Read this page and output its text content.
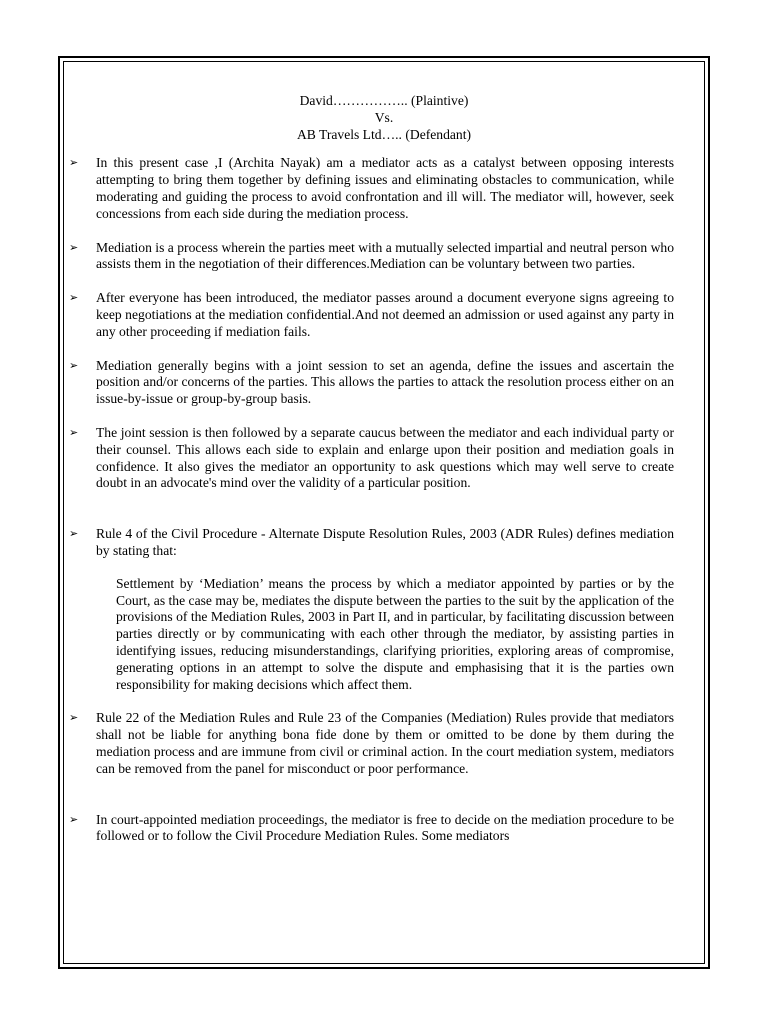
David…………….. (Plaintive)
Vs.
AB Travels Ltd….. (Defendant)

➢ In this present case ,I (Archita Nayak) am a mediator acts as a catalyst between opposing interests attempting to bring them together by defining issues and eliminating obstacles to communication, while moderating and guiding the process to avoid confrontation and ill will. The mediator will, however, seek concessions from each side during the mediation process.

➢ Mediation is a process wherein the parties meet with a mutually selected impartial and neutral person who assists them in the negotiation of their differences.Mediation can be voluntary between two parties.

➢ After everyone has been introduced, the mediator passes around a document everyone signs agreeing to keep negotiations at the mediation confidential.And not deemed an admission or used against any party in any other proceeding if mediation fails.

➢ Mediation generally begins with a joint session to set an agenda, define the issues and ascertain the position and/or concerns of the parties. This allows the parties to attack the resolution process either on an issue-by-issue or group-by-group basis.

➢ The joint session is then followed by a separate caucus between the mediator and each individual party or their counsel. This allows each side to explain and enlarge upon their position and mediation goals in confidence. It also gives the mediator an opportunity to ask questions which may well serve to create doubt in an advocate's mind over the validity of a particular position.

➢ Rule 4 of the Civil Procedure - Alternate Dispute Resolution Rules, 2003 (ADR Rules) defines mediation by stating that:

Settlement by ‘Mediation’ means the process by which a mediator appointed by parties or by the Court, as the case may be, mediates the dispute between the parties to the suit by the application of the provisions of the Mediation Rules, 2003 in Part II, and in particular, by facilitating discussion between parties directly or by communicating with each other through the mediator, by assisting parties in identifying issues, reducing misunderstandings, clarifying priorities, exploring areas of compromise, generating options in an attempt to solve the dispute and emphasising that it is the parties own responsibility for making decisions which affect them.

➢ Rule 22 of the Mediation Rules and Rule 23 of the Companies (Mediation) Rules provide that mediators shall not be liable for anything bona fide done by them or omitted to be done by them during the mediation process and are immune from civil or criminal action. In the court mediation system, mediators can be removed from the panel for misconduct or poor performance.

➢ In court-appointed mediation proceedings, the mediator is free to decide on the mediation procedure to be followed or to follow the Civil Procedure Mediation Rules. Some mediators
